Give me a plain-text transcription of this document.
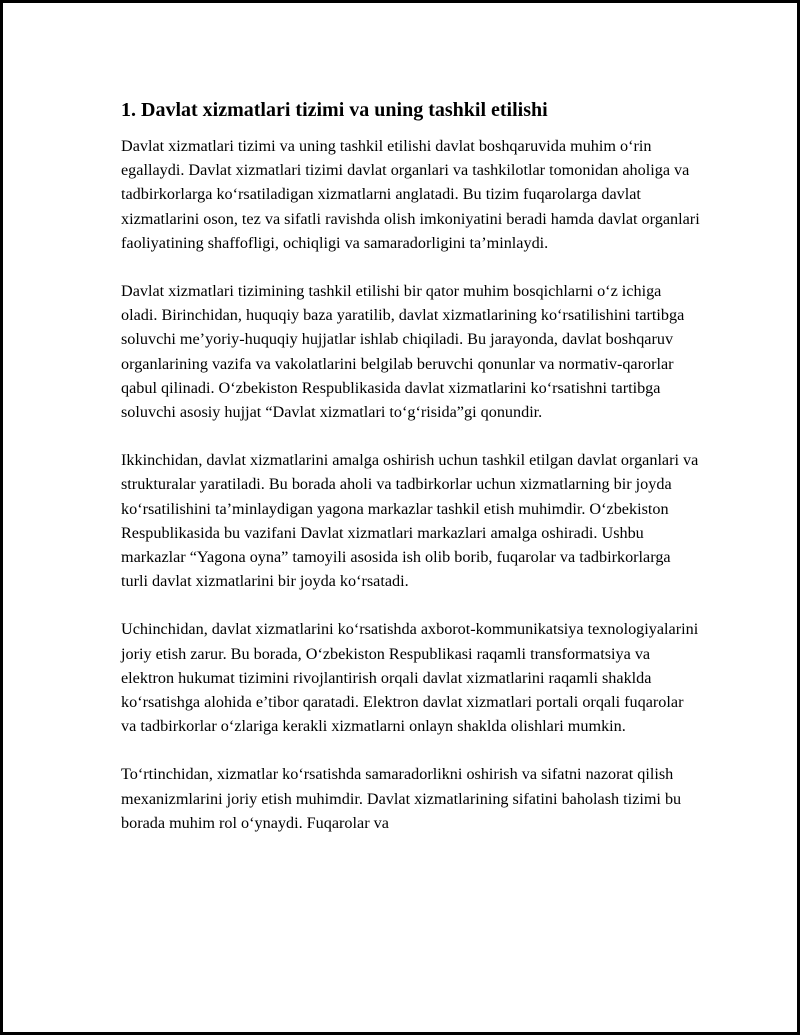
1. Davlat xizmatlari tizimi va uning tashkil etilishi

Davlat xizmatlari tizimi va uning tashkil etilishi davlat boshqaruvida muhim o‘rin egallaydi. Davlat xizmatlari tizimi davlat organlari va tashkilotlar tomonidan aholiga va tadbirkorlarga ko‘rsatiladigan xizmatlarni anglatadi. Bu tizim fuqarolarga davlat xizmatlarini oson, tez va sifatli ravishda olish imkoniyatini beradi hamda davlat organlari faoliyatining shaffofligi, ochiqligi va samaradorligini ta’minlaydi.

Davlat xizmatlari tizimining tashkil etilishi bir qator muhim bosqichlarni o‘z ichiga oladi. Birinchidan, huquqiy baza yaratilib, davlat xizmatlarining ko‘rsatilishini tartibga soluvchi me’yoriy-huquqiy hujjatlar ishlab chiqiladi. Bu jarayonda, davlat boshqaruv organlarining vazifa va vakolatlarini belgilab beruvchi qonunlar va normativ-qarorlar qabul qilinadi. O‘zbekiston Respublikasida davlat xizmatlarini ko‘rsatishni tartibga soluvchi asosiy hujjat “Davlat xizmatlari to‘g‘risida”gi qonundir.

Ikkinchidan, davlat xizmatlarini amalga oshirish uchun tashkil etilgan davlat organlari va strukturalar yaratiladi. Bu borada aholi va tadbirkorlar uchun xizmatlarning bir joyda ko‘rsatilishini ta’minlaydigan yagona markazlar tashkil etish muhimdir. O‘zbekiston Respublikasida bu vazifani Davlat xizmatlari markazlari amalga oshiradi. Ushbu markazlar “Yagona oyna” tamoyili asosida ish olib borib, fuqarolar va tadbirkorlarga turli davlat xizmatlarini bir joyda ko‘rsatadi.

Uchinchidan, davlat xizmatlarini ko‘rsatishda axborot-kommunikatsiya texnologiyalarini joriy etish zarur. Bu borada, O‘zbekiston Respublikasi raqamli transformatsiya va elektron hukumat tizimini rivojlantirish orqali davlat xizmatlarini raqamli shaklda ko‘rsatishga alohida e’tibor qaratadi. Elektron davlat xizmatlari portali orqali fuqarolar va tadbirkorlar o‘zlariga kerakli xizmatlarni onlayn shaklda olishlari mumkin.

To‘rtinchidan, xizmatlar ko‘rsatishda samaradorlikni oshirish va sifatni nazorat qilish mexanizmlarini joriy etish muhimdir. Davlat xizmatlarining sifatini baholash tizimi bu borada muhim rol o‘ynaydi. Fuqarolar va
